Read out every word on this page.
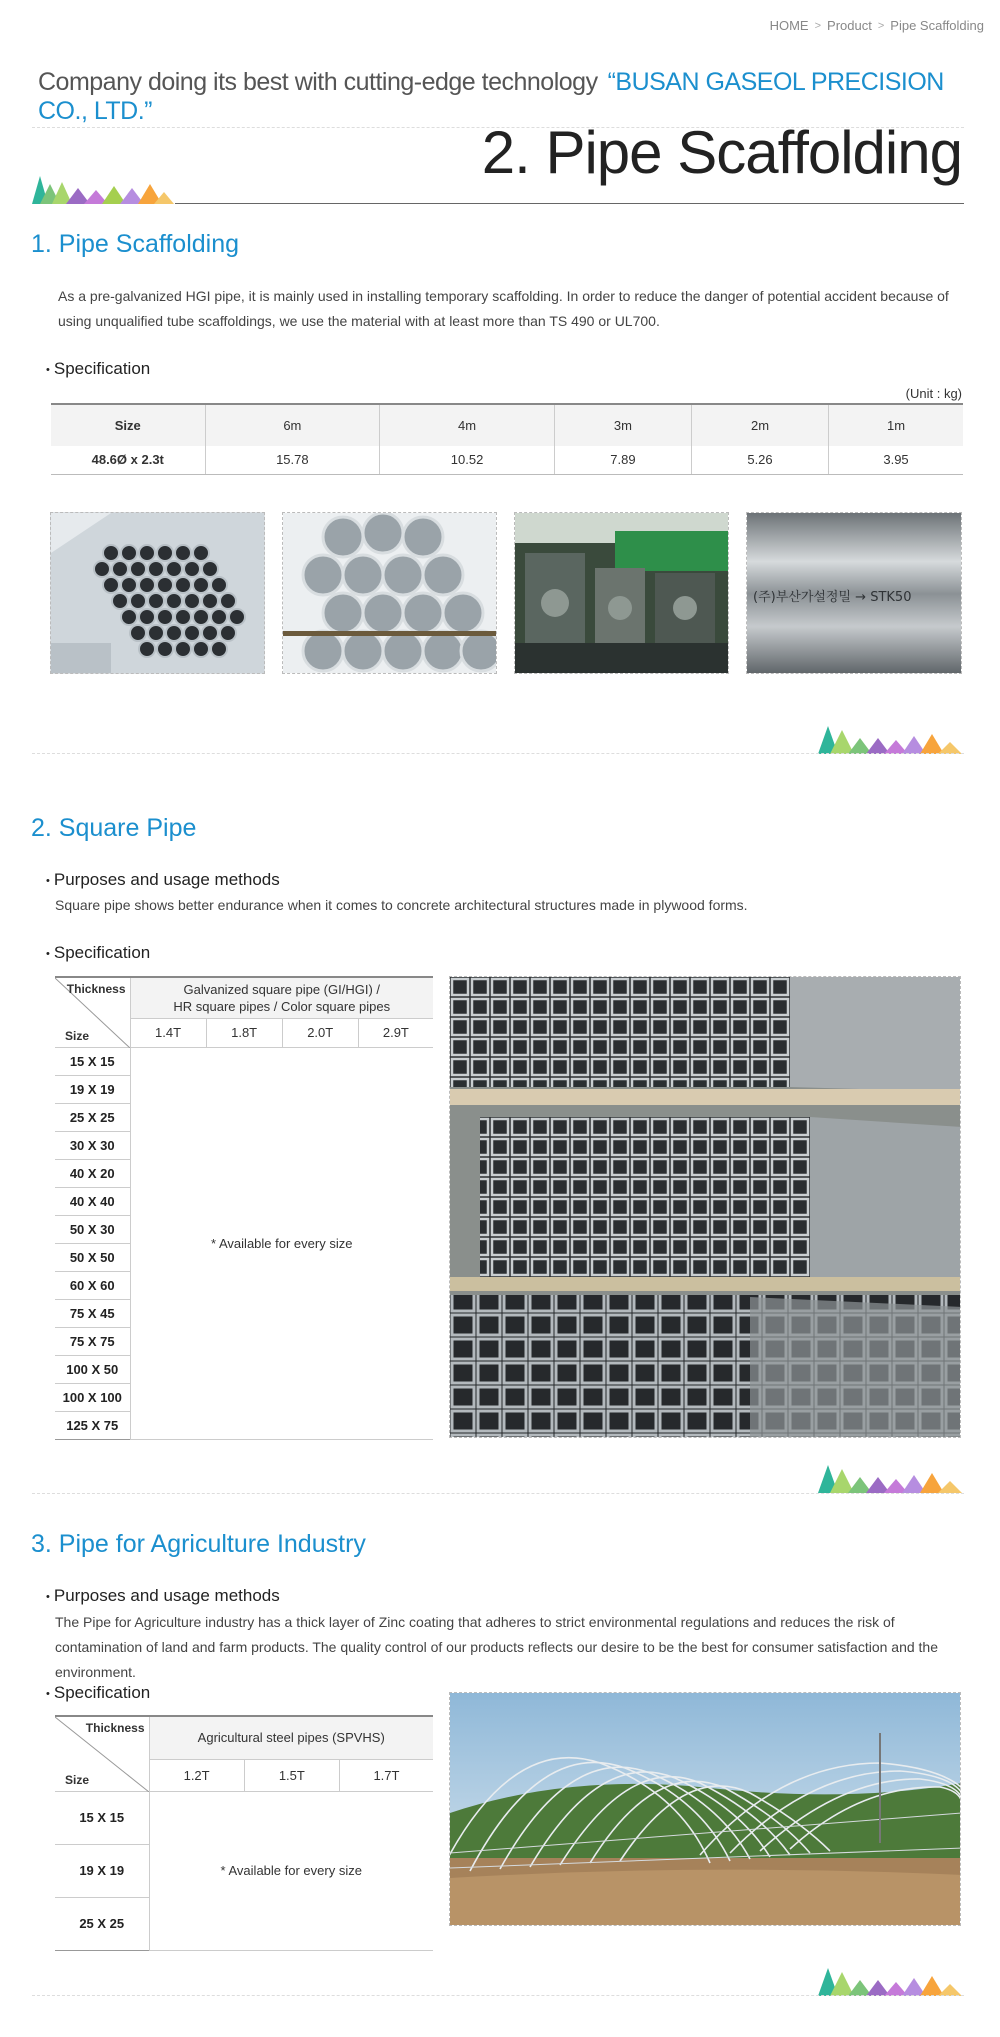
HOME > Product > Pipe Scaffolding
Company doing its best with cutting-edge technology “BUSAN GASEOL PRECISION CO., LTD.”
2. Pipe Scaffolding
1. Pipe Scaffolding

As a pre-galvanized HGI pipe, it is mainly used in installing temporary scaffolding. In order to reduce the danger of potential accident because of using unqualified tube scaffoldings, we use the material with at least more than TS 490 or UL700.

• Specification
(Unit : kg)
Size	6m	4m	3m	2m	1m
48.6Ø x 2.3t	15.78	10.52	7.89	5.26	3.95
(주)부산가설정밀 → STK50
2. Square Pipe
• Purposes and usage methods

Square pipe shows better endurance when it comes to concrete architectural structures made in plywood forms.

• Specification
Thickness
Size	Galvanized square pipe (GI/HGI) /
HR square pipes / Color square pipes			
	1.4T	1.8T	2.0T	2.9T
15 X 15	* Available for every size			
19 X 19				
25 X 25				
30 X 30				
40 X 20				
40 X 40				
50 X 30				
50 X 50				
60 X 60				
75 X 45				
75 X 75				
100 X 50				
100 X 100				
125 X 75				
3. Pipe for Agriculture Industry
• Purposes and usage methods

The Pipe for Agriculture industry has a thick layer of Zinc coating that adheres to strict environmental regulations and reduces the risk of contamination of land and farm products. The quality control of our products reflects our desire to be the best for consumer satisfaction and the environment.

• Specification
Thickness
Size	Agricultural steel pipes (SPVHS)		
	1.2T	1.5T	1.7T
15 X 15	* Available for every size		
19 X 19			
25 X 25			
